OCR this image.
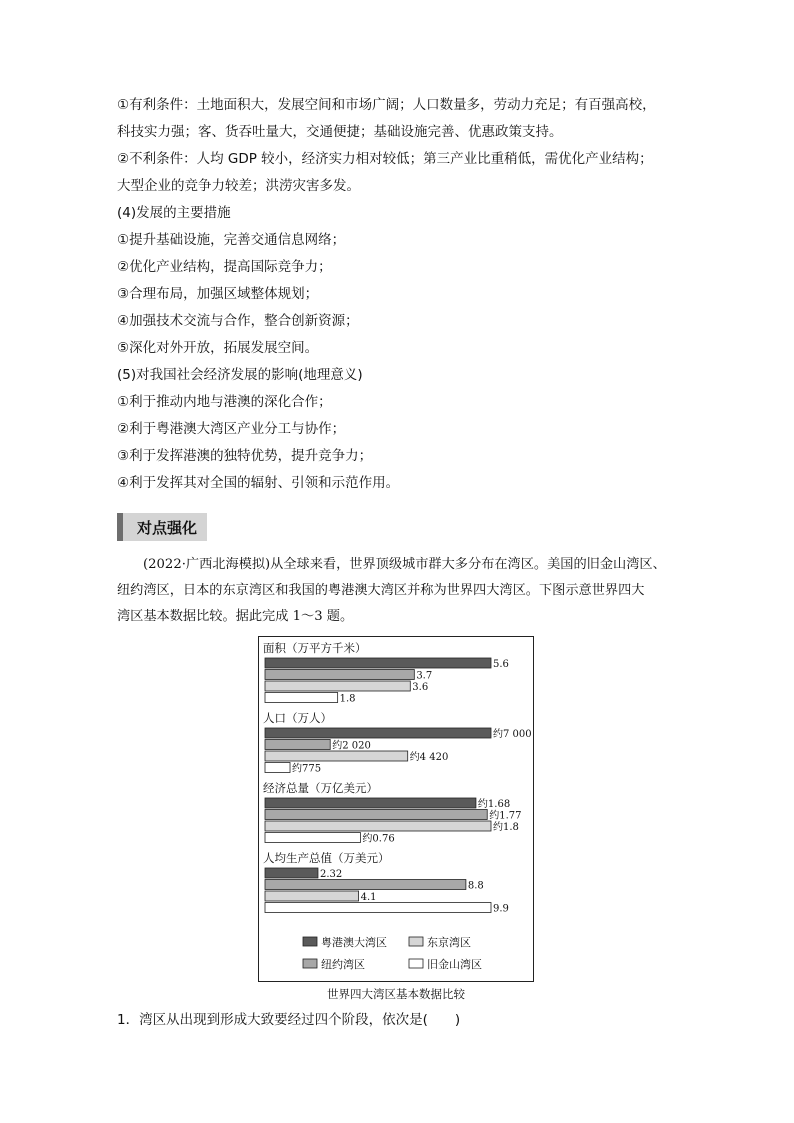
①有利条件：土地面积大，发展空间和市场广阔；人口数量多，劳动力充足；有百强高校，
科技实力强；客、货吞吐量大，交通便捷；基础设施完善、优惠政策支持。
②不利条件：人均 GDP 较小，经济实力相对较低；第三产业比重稍低，需优化产业结构；
大型企业的竞争力较差；洪涝灾害多发。
(4)发展的主要措施
①提升基础设施，完善交通信息网络；
②优化产业结构，提高国际竞争力；
③合理布局，加强区域整体规划；
④加强技术交流与合作，整合创新资源；
⑤深化对外开放，拓展发展空间。
(5)对我国社会经济发展的影响(地理意义)
①利于推动内地与港澳的深化合作；
②利于粤港澳大湾区产业分工与协作；
③利于发挥港澳的独特优势，提升竞争力；
④利于发挥其对全国的辐射、引领和示范作用。
对点强化
(2022·广西北海模拟)从全球来看，世界顶级城市群大多分布在湾区。美国的旧金山湾区、
纽约湾区，日本的东京湾区和我国的粤港澳大湾区并称为世界四大湾区。下图示意世界四大
湾区基本数据比较。据此完成 1～3 题。
面积（万平方千米）
5.6
3.7
3.6
1.8
人口（万人）
约7 000
约2 020
约4 420
约775
经济总量（万亿美元）
约1.68
约1.77
约1.8
约0.76
人均生产总值（万美元）
2.32
8.8
4.1
9.9
粤港澳大湾区	东京湾区
纽约湾区	旧金山湾区
世界四大湾区基本数据比较
1．湾区从出现到形成大致要经过四个阶段，依次是(　　)
